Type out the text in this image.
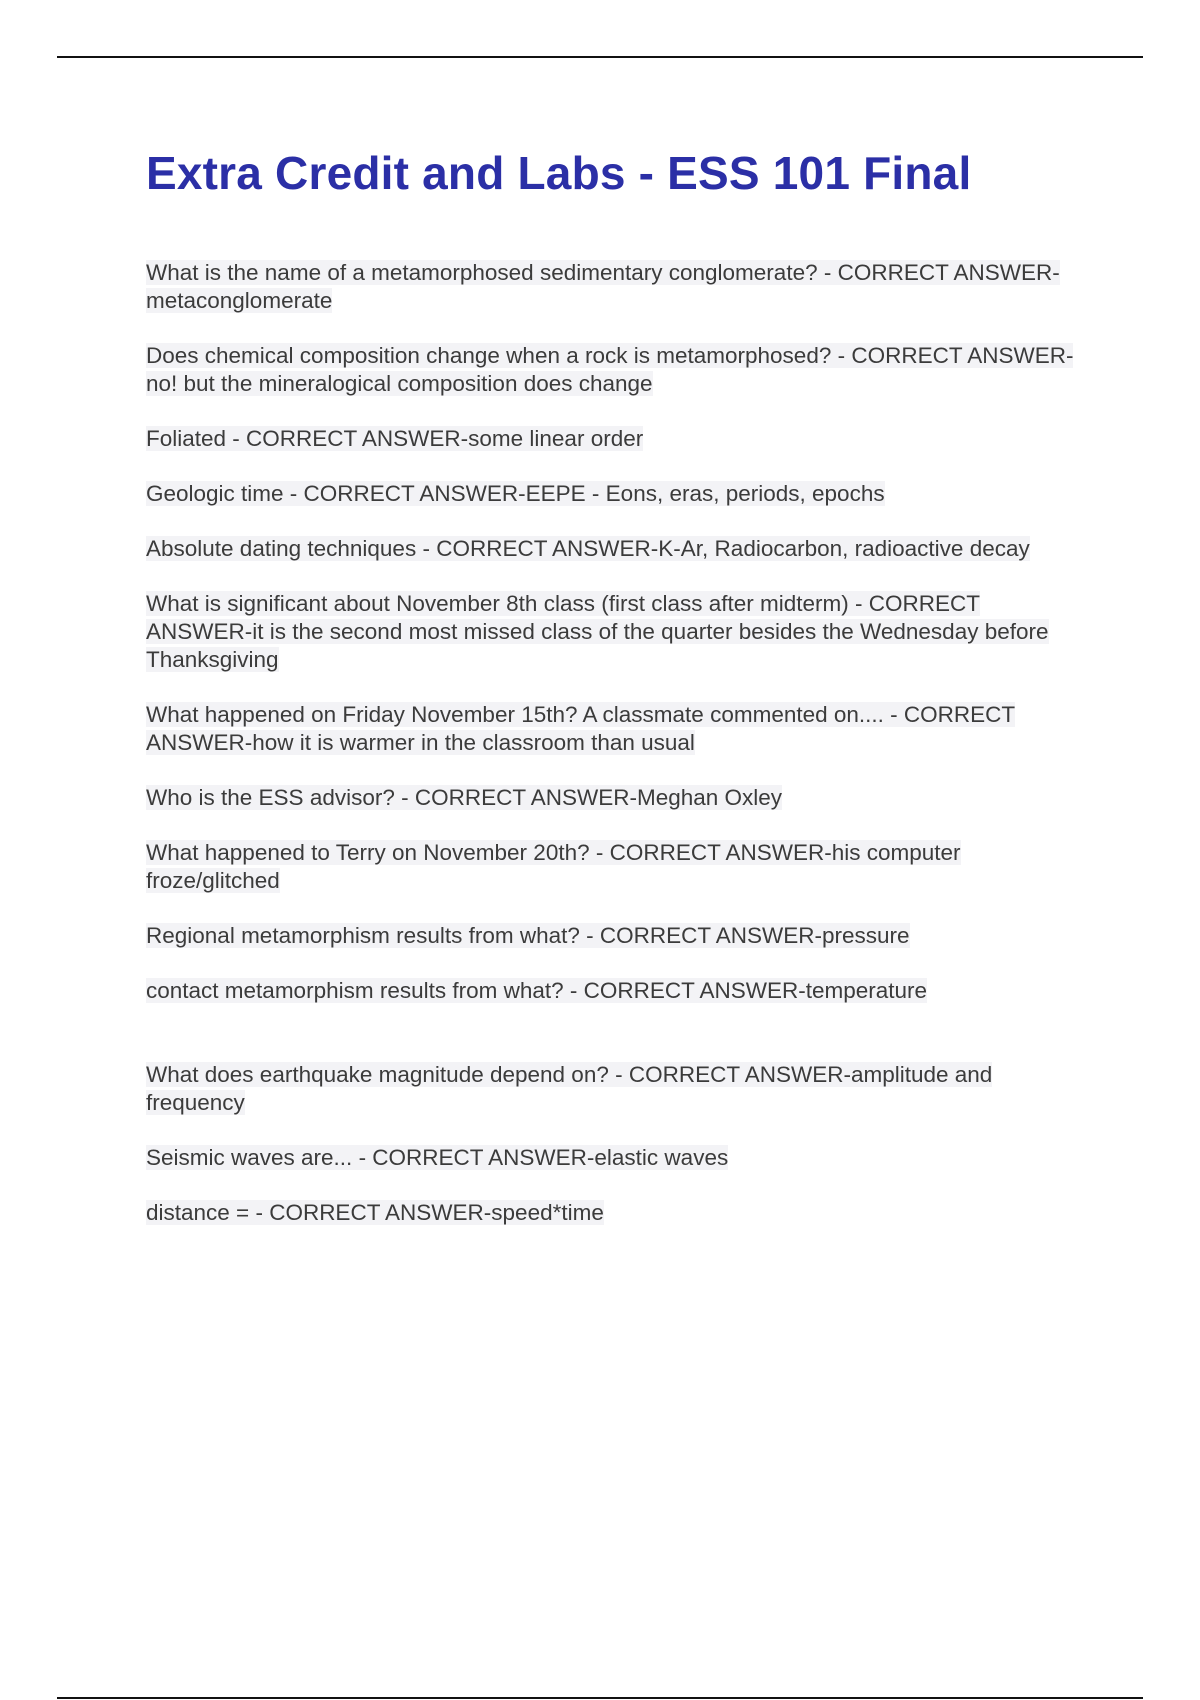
Extra Credit and Labs - ESS 101 Final

What is the name of a metamorphosed sedimentary conglomerate? - CORRECT ANSWER-metaconglomerate

Does chemical composition change when a rock is metamorphosed? - CORRECT ANSWER-no! but the mineralogical composition does change

Foliated - CORRECT ANSWER-some linear order

Geologic time - CORRECT ANSWER-EEPE - Eons, eras, periods, epochs

Absolute dating techniques - CORRECT ANSWER-K-Ar, Radiocarbon, radioactive decay

What is significant about November 8th class (first class after midterm) - CORRECT ANSWER-it is the second most missed class of the quarter besides the Wednesday before Thanksgiving

What happened on Friday November 15th? A classmate commented on.... - CORRECT ANSWER-how it is warmer in the classroom than usual

Who is the ESS advisor? - CORRECT ANSWER-Meghan Oxley

What happened to Terry on November 20th? - CORRECT ANSWER-his computer froze/glitched

Regional metamorphism results from what? - CORRECT ANSWER-pressure

contact metamorphism results from what? - CORRECT ANSWER-temperature

What does earthquake magnitude depend on? - CORRECT ANSWER-amplitude and frequency

Seismic waves are... - CORRECT ANSWER-elastic waves

distance = - CORRECT ANSWER-speed*time
